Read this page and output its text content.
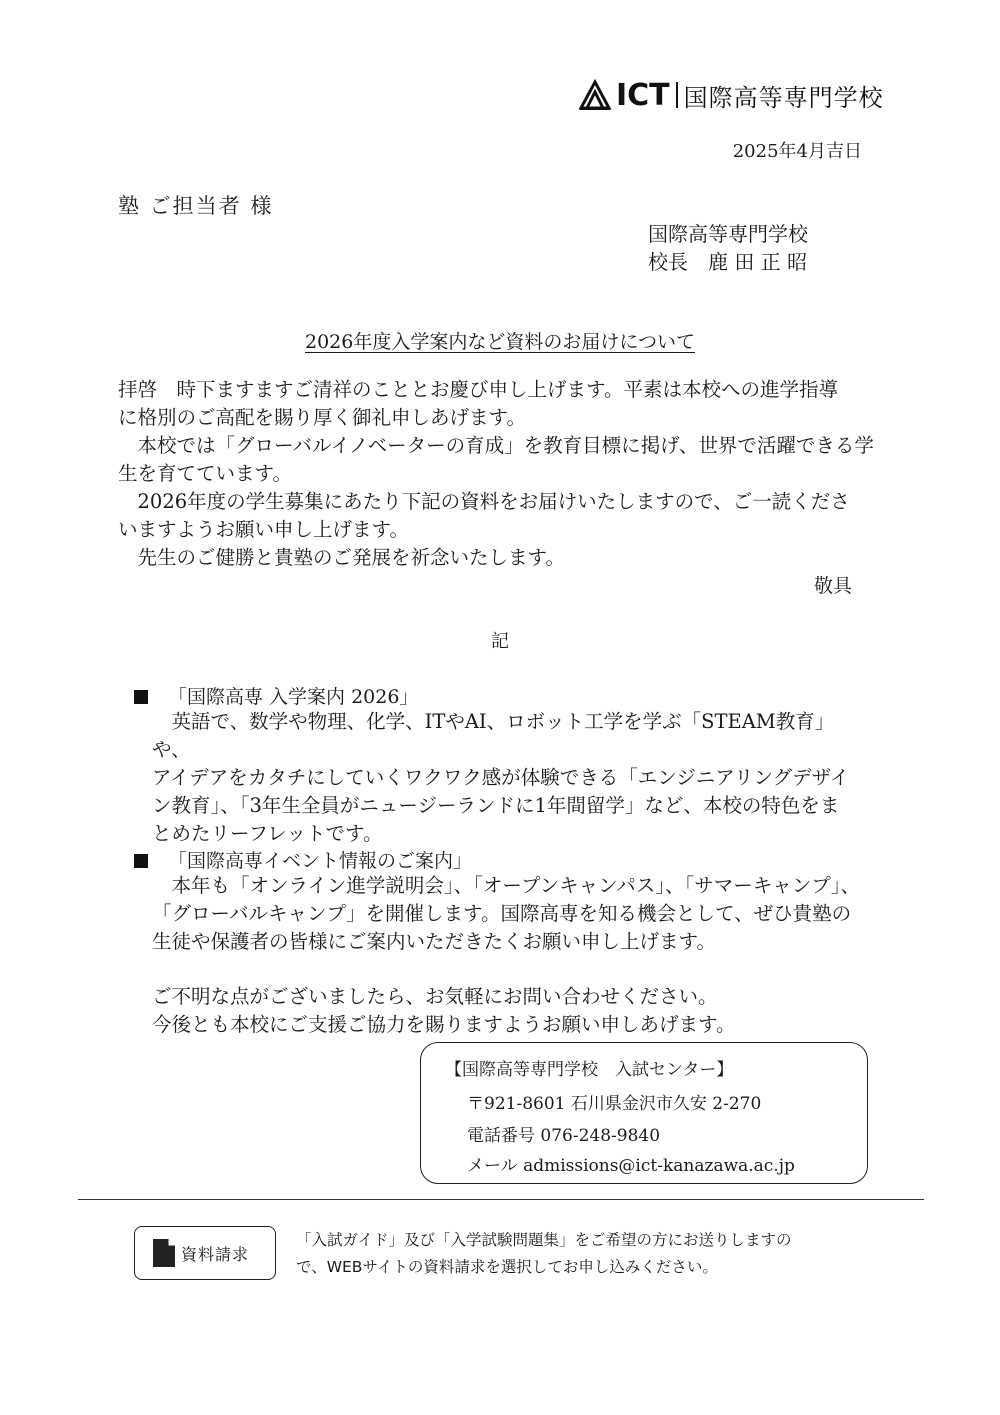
ICT 国際高等専門学校
2025年4月吉日
塾 ご担当者 様
国際高等専門学校
校長　鹿 田 正 昭
2026年度入学案内など資料のお届けについて

拝啓　時下ますますご清祥のこととお慶び申し上げます。平素は本校への進学指導

に格別のご高配を賜り厚く御礼申しあげます。

　本校では「グローバルイノベーターの育成」を教育目標に掲げ、世界で活躍できる学

生を育てています。

　2026年度の学生募集にあたり下記の資料をお届けいたしますので、ご一読くださ

いますようお願い申し上げます。

　先生のご健勝と貴塾のご発展を祈念いたします。

敬具
記
「国際高専 入学案内 2026」

　英語で、数学や物理、化学、ITやAI、ロボット工学を学ぶ「STEAM教育」や、

アイデアをカタチにしていくワクワク感が体験できる「エンジニアリングデザイ

ン教育」、「3年生全員がニュージーランドに1年間留学」など、本校の特色をま

とめたリーフレットです。

「国際高専イベント情報のご案内」

　本年も「オンライン進学説明会」、「オープンキャンパス」、「サマーキャンプ」、

「グローバルキャンプ」を開催します。国際高専を知る機会として、ぜひ貴塾の

生徒や保護者の皆様にご案内いただきたくお願い申し上げます。

ご不明な点がございましたら、お気軽にお問い合わせください。

今後とも本校にご支援ご協力を賜りますようお願い申しあげます。

【国際高等専門学校　入試センター】
〒921-8601 石川県金沢市久安 2-270
電話番号 076-248-9840
メール admissions@ict-kanazawa.ac.jp
資料請求

「入試ガイド」及び「入学試験問題集」をご希望の方にお送りしますの

で、WEBサイトの資料請求を選択してお申し込みください。
